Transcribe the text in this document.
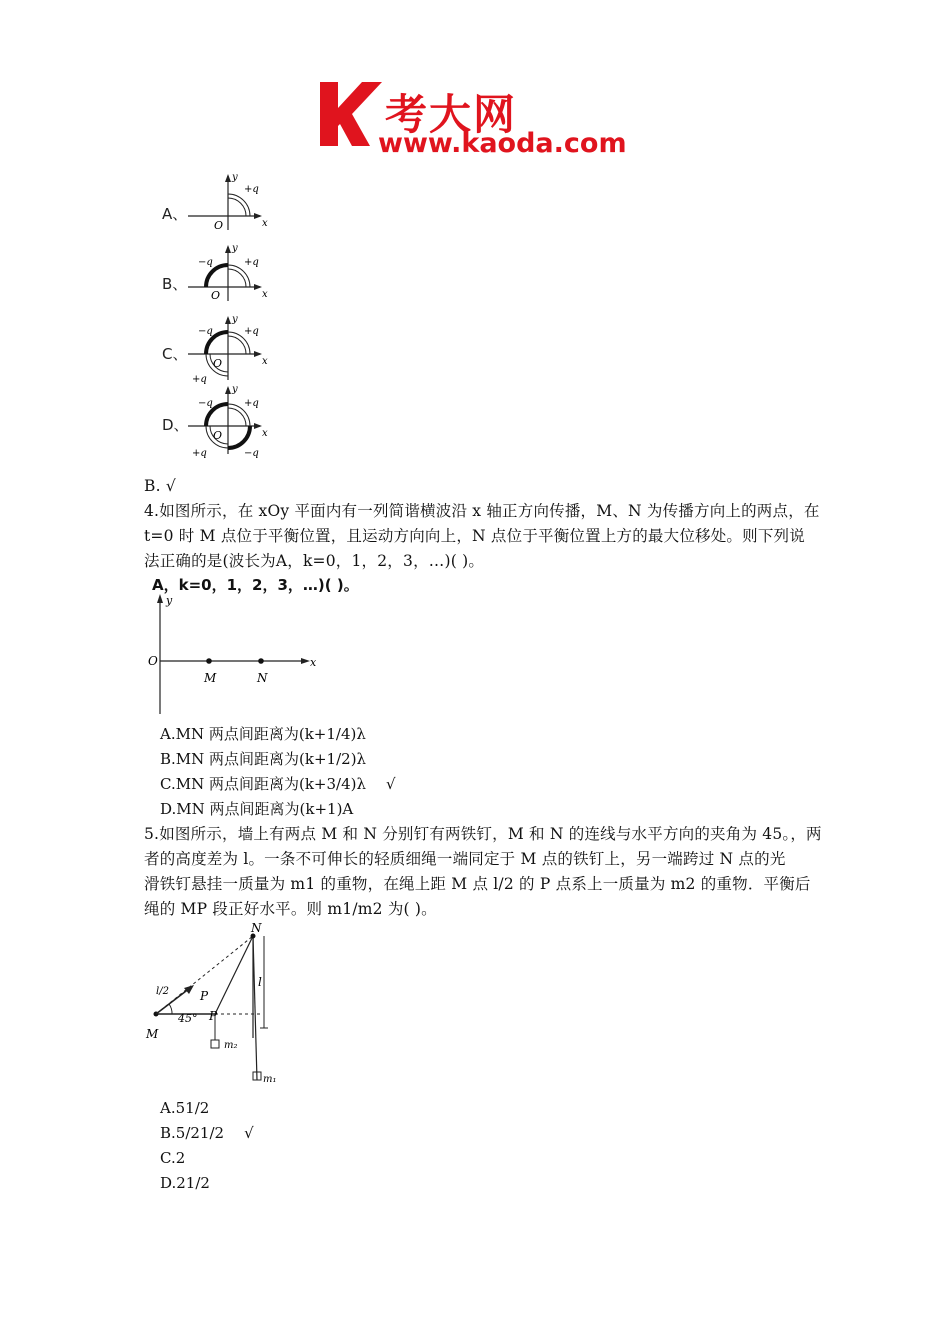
考大网
www.kaoda.com
A、
y
x
O
+q
B、
y
x
O
−q	+q
C、
y
x
O
−q	+q
+q
D、
y
x
O
−q	+q
+q	−q
B. √
4.如图所示，在 xOy 平面内有一列简谐横波沿 x 轴正方向传播，M、N 为传播方向上的两点，在
t=0 时 M 点位于平衡位置，且运动方向向上，N 点位于平衡位置上方的最大位移处。则下列说
法正确的是(波长为A，k=0，1，2，3，…)( )。
A，k=0，1，2，3，…)( )。
y
O	x
M	N
A.MN 两点间距离为(k+1/4)λ
B.MN 两点间距离为(k+1/2)λ
C.MN 两点间距离为(k+3/4)λ √
D.MN 两点间距离为(k+1)A
5.如图所示，墙上有两点 M 和 N 分别钉有两铁钉，M 和 N 的连线与水平方向的夹角为 45。，两
者的高度差为 l。一条不可伸长的轻质细绳一端同定于 M 点的铁钉上，另一端跨过 N 点的光
滑铁钉悬挂一质量为 m1 的重物，在绳上距 M 点 l/2 的 P 点系上一质量为 m2 的重物．平衡后
绳的 MP 段正好水平。则 m1/m2 为( )。
N
M
P
P
45°
l
l/2
m₂
m₁
A.51/2
B.5/21/2 √
C.2
D.21/2
